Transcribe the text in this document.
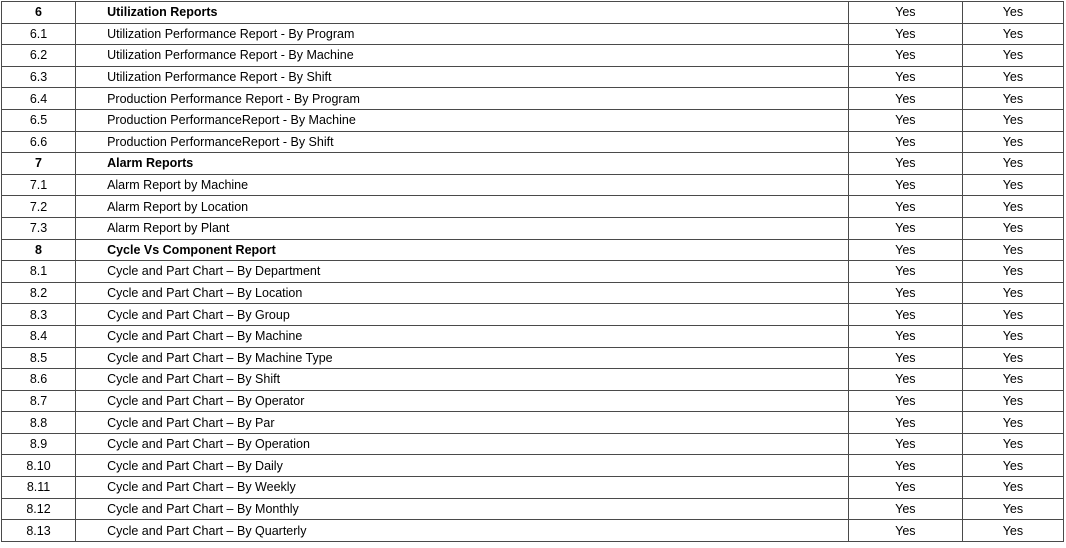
6	Utilization Reports	Yes	Yes
6.1	Utilization Performance Report - By Program	Yes	Yes
6.2	Utilization Performance Report - By Machine	Yes	Yes
6.3	Utilization Performance Report - By Shift	Yes	Yes
6.4	Production Performance Report - By Program	Yes	Yes
6.5	Production PerformanceReport - By Machine	Yes	Yes
6.6	Production PerformanceReport - By Shift	Yes	Yes
7	Alarm Reports	Yes	Yes
7.1	Alarm Report by Machine	Yes	Yes
7.2	Alarm Report by Location	Yes	Yes
7.3	Alarm Report by Plant	Yes	Yes
8	Cycle Vs Component Report	Yes	Yes
8.1	Cycle and Part Chart – By Department	Yes	Yes
8.2	Cycle and Part Chart – By Location	Yes	Yes
8.3	Cycle and Part Chart – By Group	Yes	Yes
8.4	Cycle and Part Chart – By Machine	Yes	Yes
8.5	Cycle and Part Chart – By Machine Type	Yes	Yes
8.6	Cycle and Part Chart – By Shift	Yes	Yes
8.7	Cycle and Part Chart – By Operator	Yes	Yes
8.8	Cycle and Part Chart – By Par	Yes	Yes
8.9	Cycle and Part Chart – By Operation	Yes	Yes
8.10	Cycle and Part Chart – By Daily	Yes	Yes
8.11	Cycle and Part Chart – By Weekly	Yes	Yes
8.12	Cycle and Part Chart – By Monthly	Yes	Yes
8.13	Cycle and Part Chart – By Quarterly	Yes	Yes
